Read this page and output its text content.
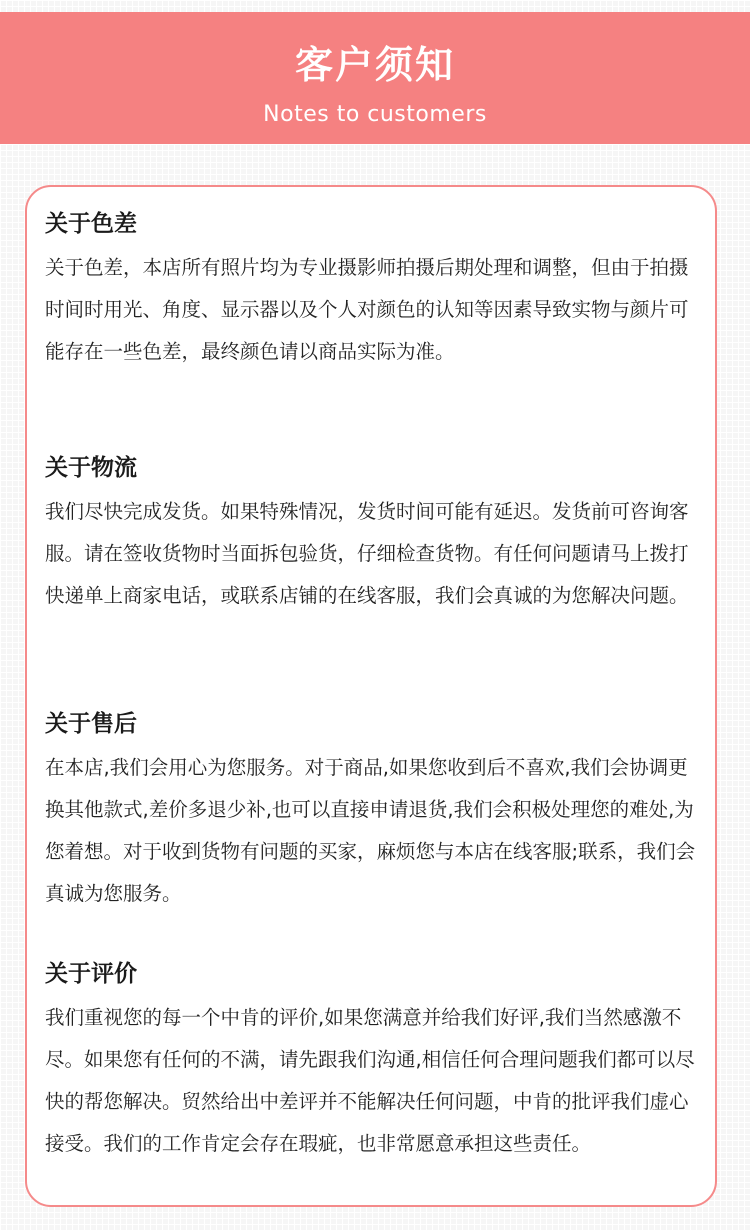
客户须知
Notes to customers
关于色差

关于色差，本店所有照片均为专业摄影师拍摄后期处理和调整，但由于拍摄时间时用光、角度、显示器以及个人对颜色的认知等因素导致实物与颜片可能存在一些色差，最终颜色请以商品实际为准。

关于物流

我们尽快完成发货。如果特殊情况，发货时间可能有延迟。发货前可咨询客服。请在签收货物时当面拆包验货，仔细检查货物。有任何问题请马上拨打快递单上商家电话，或联系店铺的在线客服，我们会真诚的为您解决问题。

关于售后

在本店,我们会用心为您服务。对于商品,如果您收到后不喜欢,我们会协调更换其他款式,差价多退少补,也可以直接申请退货,我们会积极处理您的难处,为您着想。对于收到货物有问题的买家，麻烦您与本店在线客服;联系，我们会真诚为您服务。

关于评价

我们重视您的每一个中肯的评价,如果您满意并给我们好评,我们当然感激不尽。如果您有任何的不满，请先跟我们沟通,相信任何合理问题我们都可以尽快的帮您解决。贸然给出中差评并不能解决任何问题，中肯的批评我们虚心接受。我们的工作肯定会存在瑕疵，也非常愿意承担这些责任。
